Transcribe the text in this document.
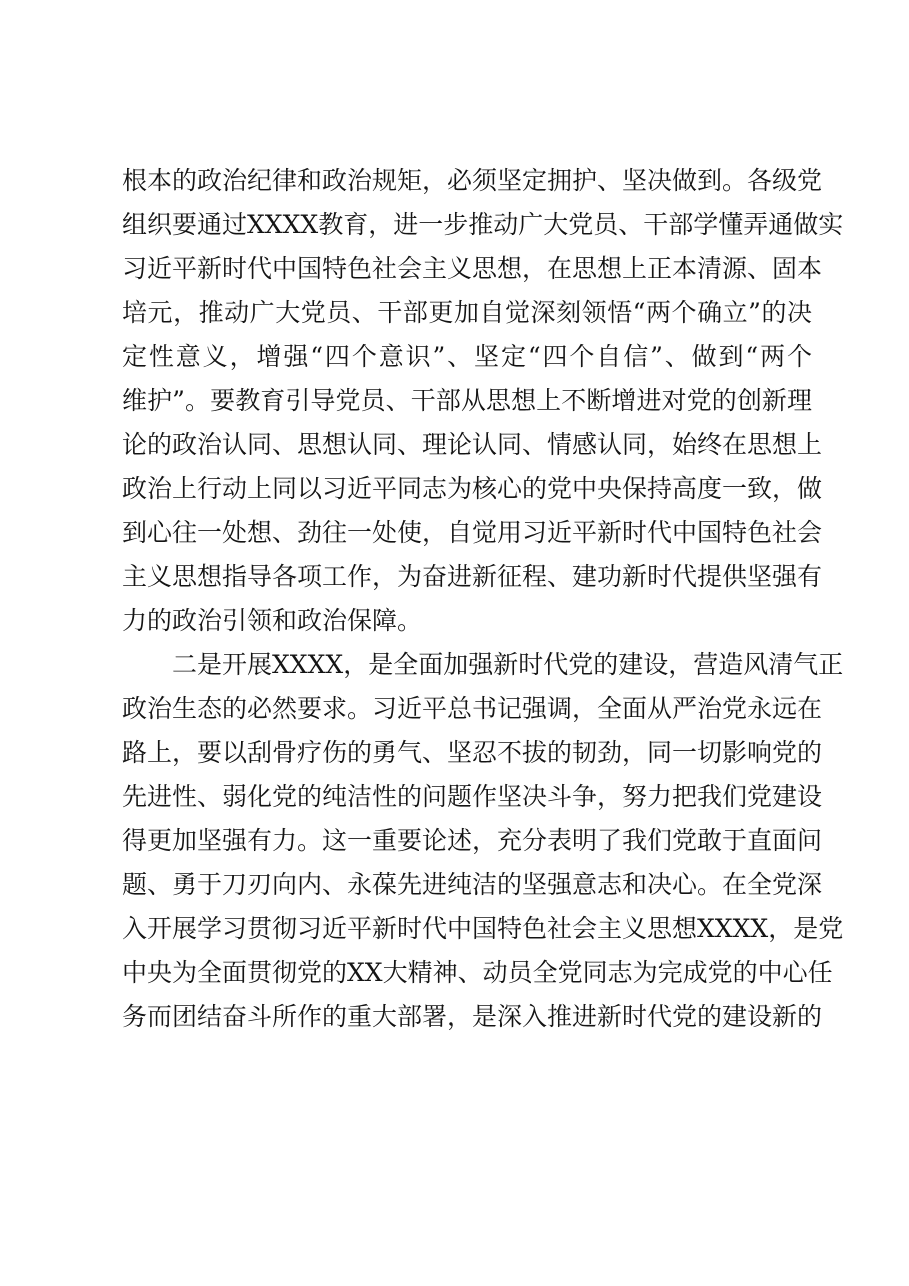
根本的政治纪律和政治规矩，必须坚定拥护、坚决做到。各级党
组织要通过XXXX教育，进一步推动广大党员、干部学懂弄通做实
习近平新时代中国特色社会主义思想，在思想上正本清源、固本
培元，推动广大党员、干部更加自觉深刻领悟“两个确立”的决
定性意义，增强“四个意识”、坚定“四个自信”、做到“两个
维护”。要教育引导党员、干部从思想上不断增进对党的创新理
论的政治认同、思想认同、理论认同、情感认同，始终在思想上
政治上行动上同以习近平同志为核心的党中央保持高度一致，做
到心往一处想、劲往一处使，自觉用习近平新时代中国特色社会
主义思想指导各项工作，为奋进新征程、建功新时代提供坚强有
力的政治引领和政治保障。
二是开展XXXX，是全面加强新时代党的建设，营造风清气正
政治生态的必然要求。习近平总书记强调，全面从严治党永远在
路上，要以刮骨疗伤的勇气、坚忍不拔的韧劲，同一切影响党的
先进性、弱化党的纯洁性的问题作坚决斗争，努力把我们党建设
得更加坚强有力。这一重要论述，充分表明了我们党敢于直面问
题、勇于刀刃向内、永葆先进纯洁的坚强意志和决心。在全党深
入开展学习贯彻习近平新时代中国特色社会主义思想XXXX，是党
中央为全面贯彻党的XX大精神、动员全党同志为完成党的中心任
务而团结奋斗所作的重大部署，是深入推进新时代党的建设新的
